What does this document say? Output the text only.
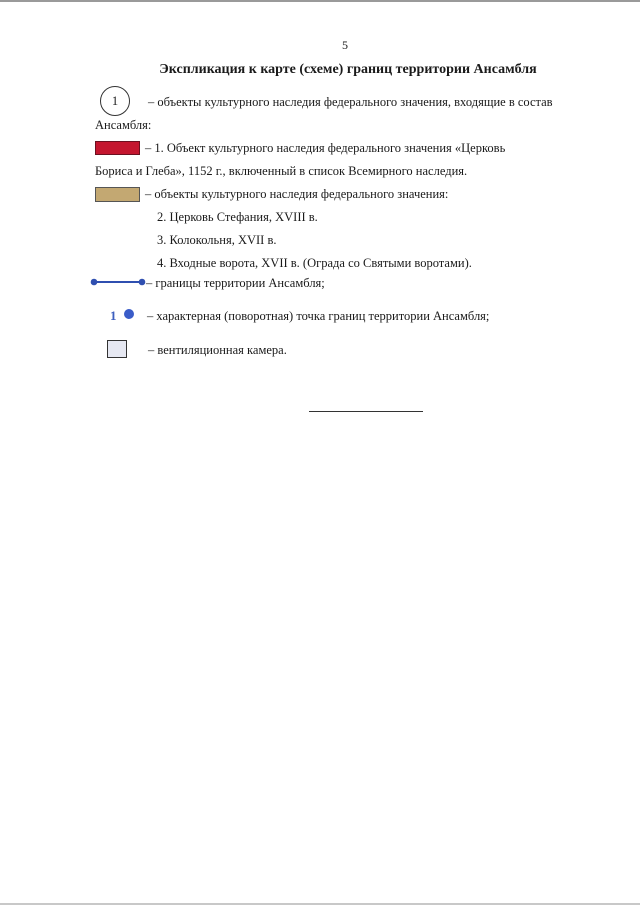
5
Экспликация к карте (схеме) границ территории Ансамбля
1	– объекты культурного наследия федерального значения, входящие в состав
Ансамбля:
– 1. Объект культурного наследия федерального значения «Церковь
Бориса и Глеба», 1152 г., включенный в список Всемирного наследия.
– объекты культурного наследия федерального значения:
2. Церковь Стефания, XVIII в.
3. Колокольня, XVII в.
4. Входные ворота, XVII в. (Ограда со Святыми воротами).
– границы территории Ансамбля;
1 – характерная (поворотная) точка границ территории Ансамбля;
– вентиляционная камера.
